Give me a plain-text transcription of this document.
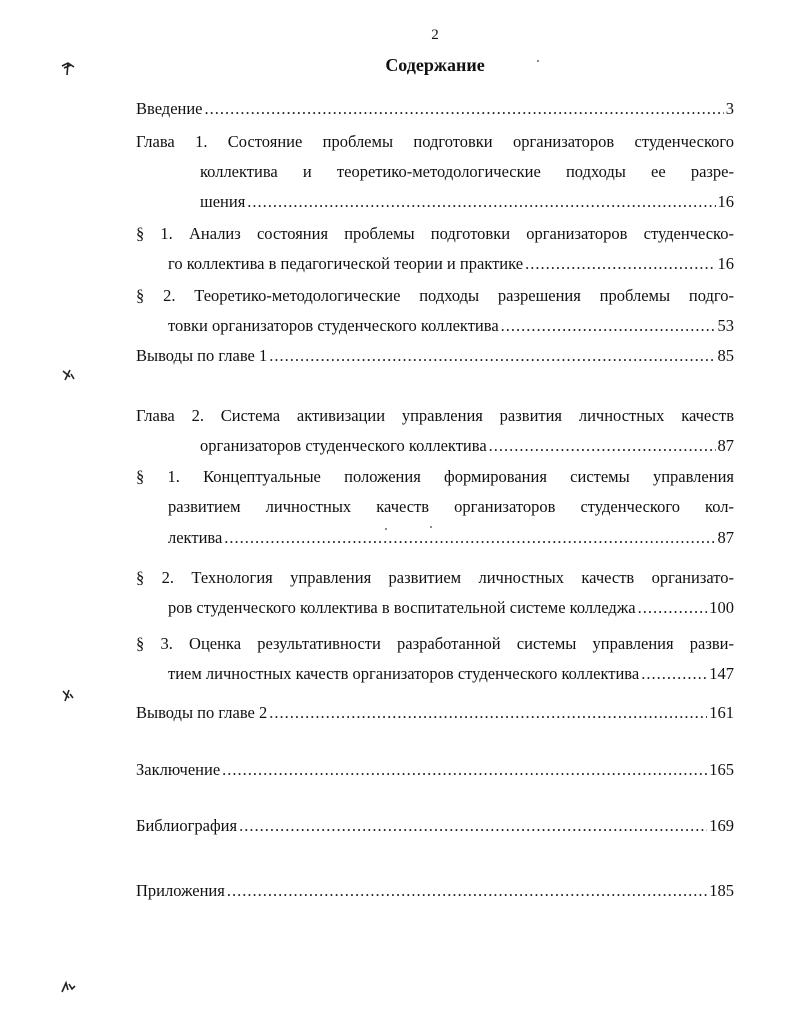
2
Содержание
Введение .....	3
Глава 1. Состояние проблемы подготовки организаторов студенческого
коллектива и теоретико-методологические подходы ее разре-
шения .....	16
§ 1. Анализ состояния проблемы подготовки организаторов студенческо-
го коллектива в педагогической теории и практике .....	16
§ 2. Теоретико-методологические подходы разрешения проблемы подго-
товки организаторов студенческого коллектива .....	53
Выводы по главе 1 .....	85
Глава 2. Система активизации управления развития личностных качеств
организаторов студенческого коллектива .....	87
§ 1. Концептуальные положения формирования системы управления
развитием личностных качеств организаторов студенческого кол-
лектива .....	87
§ 2. Технология управления развитием личностных качеств организато-
ров студенческого коллектива в воспитательной системе колледжа .....	100
§ 3. Оценка результативности разработанной системы управления разви-
тием личностных качеств организаторов студенческого коллектива .....	147
Выводы по главе 2 .....	161
Заключение .....	165
Библиография .....	169
Приложения .....	185
